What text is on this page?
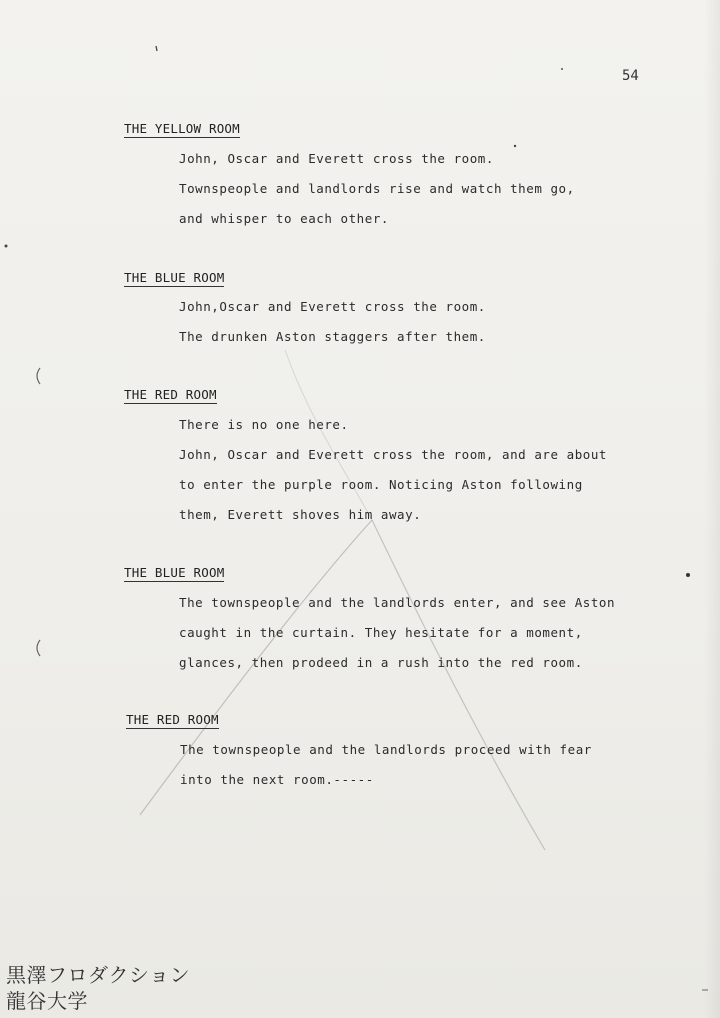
54
THE YELLOW ROOM
John, Oscar and Everett cross the room.
Townspeople and landlords rise and watch them go,
and whisper to each other.
THE BLUE ROOM
John,Oscar and Everett cross the room.
The drunken Aston staggers after them.
THE RED ROOM
There is no one here.
John, Oscar and Everett cross the room, and are about
to enter the purple room. Noticing Aston following
them, Everett shoves him away.
THE BLUE ROOM
The townspeople and the landlords enter, and see Aston
caught in the curtain. They hesitate for a moment,
glances, then prodeed in a rush into the red room.
THE RED ROOM
The townspeople and the landlords proceed with fear
into the next room.-----
黒澤フロダクション
龍谷大学
